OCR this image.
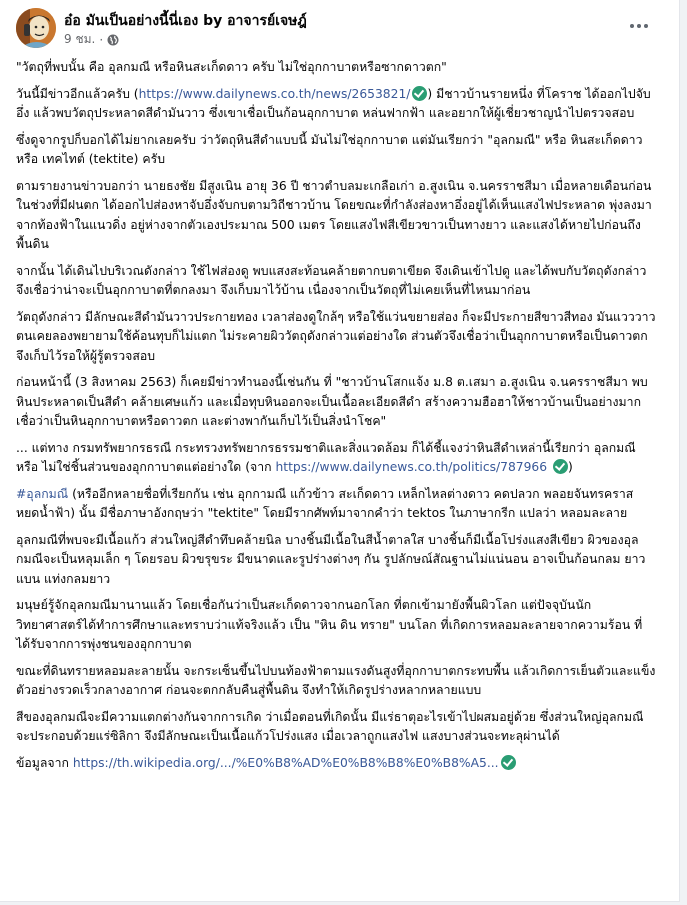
อ๋อ มันเป็นอย่างนี้นี่เอง by อาจารย์เจษฎ์
9 ชม. ·

"วัตถุที่พบนั้น คือ อุลกมณี หรือหินสะเก็ดดาว ครับ ไม่ใช่อุกกาบาตหรือซากดาวตก"

วันนี้มีข่าวอีกแล้วครับ (https://www.dailynews.co.th/news/2653821/ ) มีชาวบ้านรายหนึ่ง ที่โคราช ได้ออกไปจับอึ่ง แล้วพบวัตถุประหลาดสีดำมันวาว ซึ่งเขาเชื่อเป็นก้อนอุกกาบาต หล่นฟากฟ้า และอยากให้ผู้เชี่ยวชาญนำไปตรวจสอบ

ซึ่งดูจากรูปก็บอกได้ไม่ยากเลยครับ ว่าวัตถุหินสีดำแบบนี้ มันไม่ใช่อุกกาบาต แต่มันเรียกว่า "อุลกมณี" หรือ หินสะเก็ดดาว หรือ เทคไทต์ (tektite) ครับ

ตามรายงานข่าวบอกว่า นายธงชัย มีสูงเนิน อายุ 36 ปี ชาวตำบลมะเกลือเก่า อ.สูงเนิน จ.นครราชสีมา เมื่อหลายเดือนก่อน ในช่วงที่มีฝนตก ได้ออกไปส่องหาจับอึ่งจับกบตามวิถีชาวบ้าน โดยขณะที่กำลังส่องหาอึ่งอยู่ได้เห็นแสงไฟประหลาด พุ่งลงมาจากท้องฟ้าในแนวดิ่ง อยู่ห่างจากตัวเองประมาณ 500 เมตร โดยแสงไฟสีเขียวขาวเป็นทางยาว และแสงได้หายไปก่อนถึงพื้นดิน

จากนั้น ได้เดินไปบริเวณดังกล่าว ใช้ไฟส่องดู พบแสงสะท้อนคล้ายตากบตาเขียด จึงเดินเข้าไปดู และได้พบกับวัตถุดังกล่าว จึงเชื่อว่าน่าจะเป็นอุกกาบาตที่ตกลงมา จึงเก็บมาไว้บ้าน เนื่องจากเป็นวัตถุที่ไม่เคยเห็นที่ไหนมาก่อน

วัตถุดังกล่าว มีลักษณะสีดำมันวาวประกายทอง เวลาส่องดูใกล้ๆ หรือใช้แว่นขยายส่อง ก็จะมีประกายสีขาวสีทอง มันแวววาว ตนเคยลองพยายามใช้ค้อนทุบก็ไม่แตก ไม่ระคายผิววัตถุดังกล่าวแต่อย่างใด ส่วนตัวจึงเชื่อว่าเป็นอุกกาบาตหรือเป็นดาวตก จึงเก็บไว้รอให้ผู้รู้ตรวจสอบ

ก่อนหน้านี้ (3 สิงหาคม 2563) ก็เคยมีข่าวทำนองนี้เช่นกัน ที่ "ชาวบ้านโสกแจ้ง ม.8 ต.เสมา อ.สูงเนิน จ.นครราชสีมา พบหินประหลาดเป็นสีดำ คล้ายเศษแก้ว และเมื่อทุบหินออกจะเป็นเนื้อละเอียดสีดำ สร้างความฮือฮาให้ชาวบ้านเป็นอย่างมาก เชื่อว่าเป็นหินอุกกาบาตหรือดาวตก และต่างพากันเก็บไว้เป็นสิ่งนำโชค"

... แต่ทาง กรมทรัพยากรธรณี กระทรวงทรัพยากรธรรมชาติและสิ่งแวดล้อม ก็ได้ชี้แจงว่าหินสีดำเหล่านี้เรียกว่า อุลกมณี หรือ ไม่ใช่ชิ้นส่วนของอุกกาบาตแต่อย่างใด (จาก https://www.dailynews.co.th/politics/787966 )

#อุลกมณี (หรืออีกหลายชื่อที่เรียกกัน เช่น อุกกามณี แก้วข้าว สะเก็ดดาว เหล็กไหลต่างดาว คดปลวก พลอยจันทรคราส หยดน้ำฟ้า) นั้น มีชื่อภาษาอังกฤษว่า "tektite" โดยมีรากศัพท์มาจากคำว่า tektos ในภาษากรีก แปลว่า หลอมละลาย

อุลกมณีที่พบจะมีเนื้อแก้ว ส่วนใหญ่สีดำทึบคล้ายนิล บางชิ้นมีเนื้อในสีน้ำตาลใส บางชิ้นก็มีเนื้อโปร่งแสงสีเขียว ผิวของอุลกมณีจะเป็นหลุมเล็ก ๆ โดยรอบ ผิวขรุขระ มีขนาดและรูปร่างต่างๆ กัน รูปลักษณ์สัณฐานไม่แน่นอน อาจเป็นก้อนกลม ยาวแบน แท่งกลมยาว

มนุษย์รู้จักอุลกมณีมานานแล้ว โดยเชื่อกันว่าเป็นสะเก็ดดาวจากนอกโลก ที่ตกเข้ามายังพื้นผิวโลก แต่ปัจจุบันนักวิทยาศาสตร์ได้ทำการศึกษาและทราบว่าแท้จริงแล้ว เป็น "หิน ดิน ทราย" บนโลก ที่เกิดการหลอมละลายจากความร้อน ที่ได้รับจากการพุ่งชนของอุกกาบาต

ขณะที่ดินทรายหลอมละลายนั้น จะกระเซ็นขึ้นไปบนท้องฟ้าตามแรงดันสูงที่อุกกาบาตกระทบพื้น แล้วเกิดการเย็นตัวและแข็งตัวอย่างรวดเร็วกลางอากาศ ก่อนจะตกกลับคืนสู่พื้นดิน จึงทำให้เกิดรูปร่างหลากหลายแบบ

สีของอุลกมณีจะมีความแตกต่างกันจากการเกิด ว่าเมื่อตอนที่เกิดนั้น มีแร่ธาตุอะไรเข้าไปผสมอยู่ด้วย ซึ่งส่วนใหญ่อุลกมณีจะประกอบด้วยแร่ซิลิกา จึงมีลักษณะเป็นเนื้อแก้วโปร่งแสง เมื่อเวลาถูกแสงไฟ แสงบางส่วนจะทะลุผ่านได้

ข้อมูลจาก https://th.wikipedia.org/.../%E0%B8%AD%E0%B8%B8%E0%B8%A5...
